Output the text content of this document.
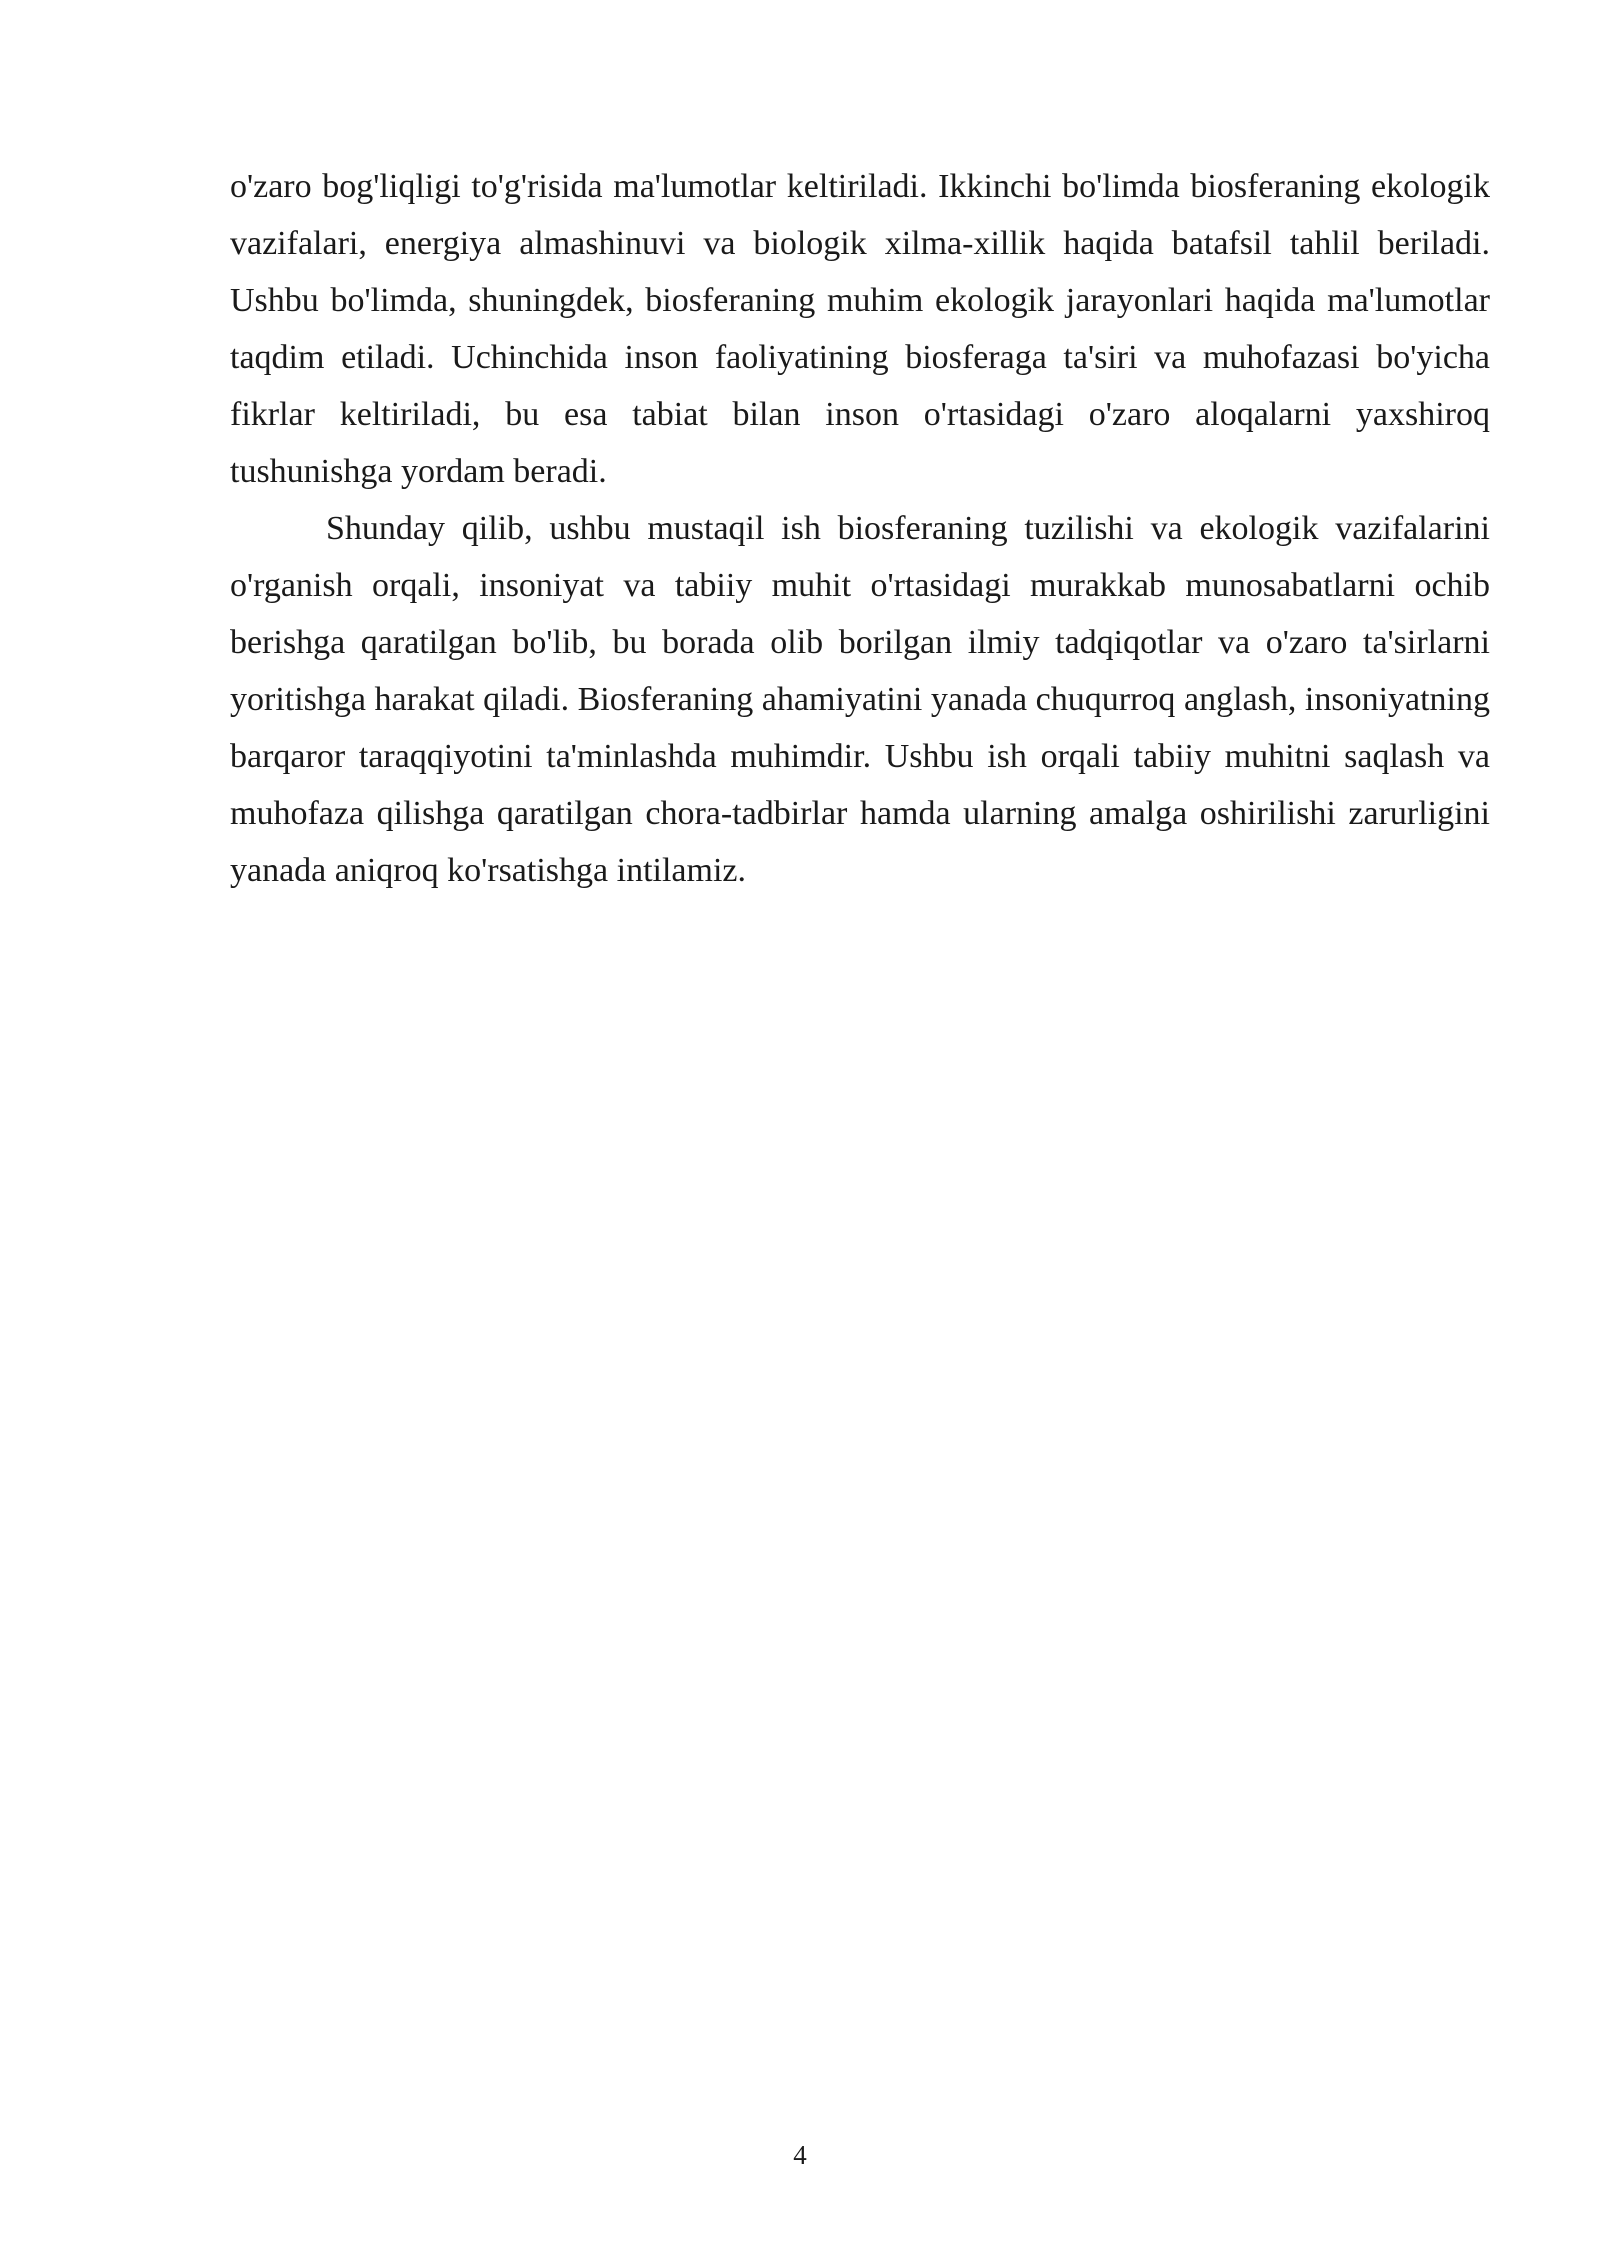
o'zaro bog'liqligi to'g'risida ma'lumotlar keltiriladi. Ikkinchi bo'limda biosferaning ekologik vazifalari, energiya almashinuvi va biologik xilma-xillik haqida batafsil tahlil beriladi. Ushbu bo'limda, shuningdek, biosferaning muhim ekologik jarayonlari haqida ma'lumotlar taqdim etiladi. Uchinchida inson faoliyatining biosferaga ta'siri va muhofazasi bo'yicha fikrlar keltiriladi, bu esa tabiat bilan inson o'rtasidagi o'zaro aloqalarni yaxshiroq tushunishga yordam beradi.

Shunday qilib, ushbu mustaqil ish biosferaning tuzilishi va ekologik vazifalarini o'rganish orqali, insoniyat va tabiiy muhit o'rtasidagi murakkab munosabatlarni ochib berishga qaratilgan bo'lib, bu borada olib borilgan ilmiy tadqiqotlar va o'zaro ta'sirlarni yoritishga harakat qiladi. Biosferaning ahamiyatini yanada chuqurroq anglash, insoniyatning barqaror taraqqiyotini ta'minlashda muhimdir. Ushbu ish orqali tabiiy muhitni saqlash va muhofaza qilishga qaratilgan chora-tadbirlar hamda ularning amalga oshirilishi zarurligini yanada aniqroq ko'rsatishga intilamiz.

4
